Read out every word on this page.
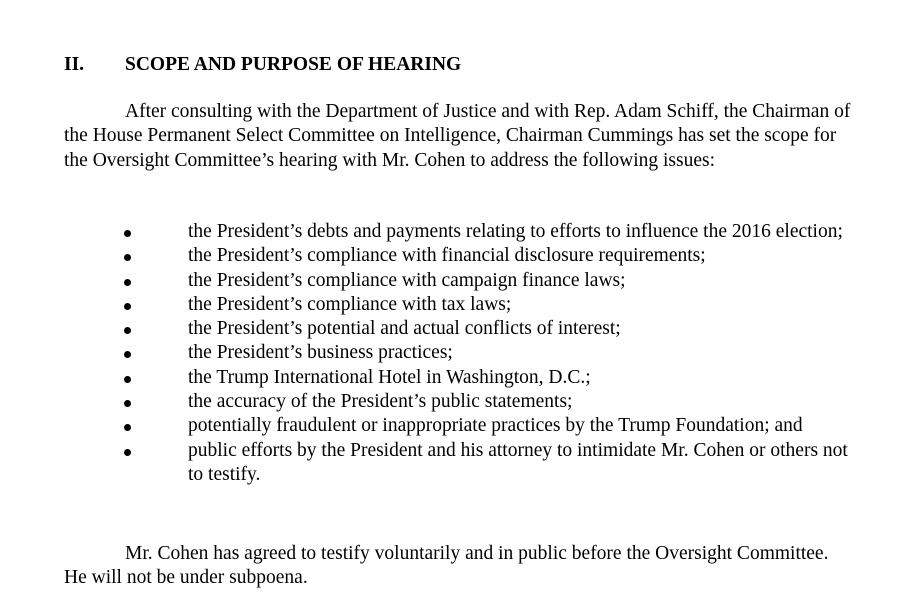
II. SCOPE AND PURPOSE OF HEARING

After consulting with the Department of Justice and with Rep. Adam Schiff, the Chairman of the House Permanent Select Committee on Intelligence, Chairman Cummings has set the scope for the Oversight Committee’s hearing with Mr. Cohen to address the following issues:

the President’s debts and payments relating to efforts to influence the 2016 election;
the President’s compliance with financial disclosure requirements;
the President’s compliance with campaign finance laws;
the President’s compliance with tax laws;
the President’s potential and actual conflicts of interest;
the President’s business practices;
the Trump International Hotel in Washington, D.C.;
the accuracy of the President’s public statements;
potentially fraudulent or inappropriate practices by the Trump Foundation; and
public efforts by the President and his attorney to intimidate Mr. Cohen or others not to testify.

Mr. Cohen has agreed to testify voluntarily and in public before the Oversight Committee. He will not be under subpoena.
